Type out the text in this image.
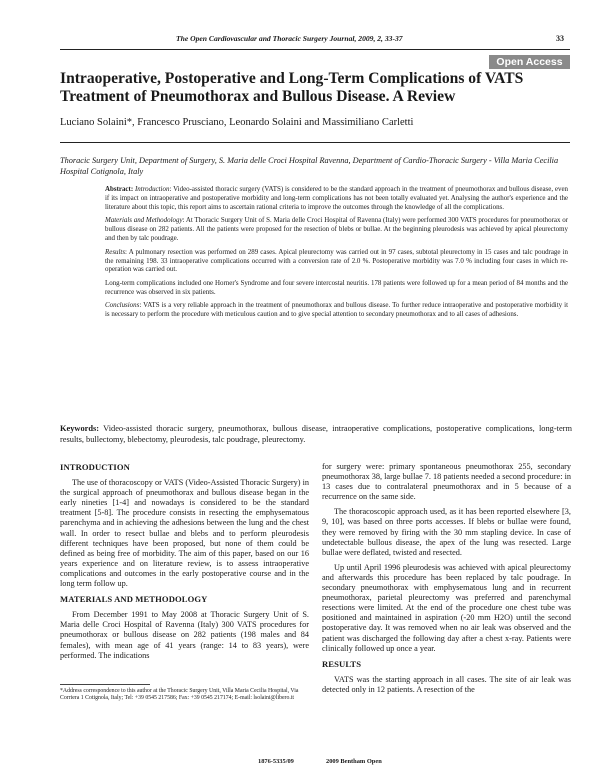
The Open Cardiovascular and Thoracic Surgery Journal, 2009, 2, 33-37	33
Open Access
Intraoperative, Postoperative and Long-Term Complications of VATS Treatment of Pneumothorax and Bullous Disease. A Review
Luciano Solaini*, Francesco Prusciano, Leonardo Solaini and Massimiliano Carletti
Thoracic Surgery Unit, Department of Surgery, S. Maria delle Croci Hospital Ravenna, Department of Cardio-Thoracic Surgery - Villa Maria Cecilia Hospital Cotignola, Italy

Abstract: Introduction: Video-assisted thoracic surgery (VATS) is considered to be the standard approach in the treatment of pneumothorax and bullous disease, even if its impact on intraoperative and postoperative morbidity and long-term complications has not been totally evaluated yet. Analysing the author's experience and the literature about this topic, this report aims to ascertain rational criteria to improve the outcomes through the knowledge of all the complications.

Materials and Methodology: At Thoracic Surgery Unit of S. Maria delle Croci Hospital of Ravenna (Italy) were performed 300 VATS procedures for pneumothorax or bullous disease on 282 patients. All the patients were proposed for the resection of blebs or bullae. At the beginning pleurodesis was achieved by apical pleurectomy and then by talc poudrage.

Results: A pulmonary resection was performed on 289 cases. Apical pleurectomy was carried out in 97 cases, subtotal pleurectomy in 15 cases and talc poudrage in the remaining 198. 33 intraoperative complications occurred with a conversion rate of 2.0 %. Postoperative morbidity was 7.0 % including four cases in which re-operation was carried out.

Long-term complications included one Horner's Syndrome and four severe intercostal neuritis. 178 patients were followed up for a mean period of 84 months and the recurrence was observed in six patients.

Conclusions: VATS is a very reliable approach in the treatment of pneumothorax and bullous disease. To further reduce intraoperative and postoperative morbidity it is necessary to perform the procedure with meticulous caution and to give special attention to secondary pneumothorax and to all cases of adhesions.

Keywords: Video-assisted thoracic surgery, pneumothorax, bullous disease, intraoperative complications, postoperative complications, long-term results, bullectomy, blebectomy, pleurodesis, talc poudrage, pleurectomy.
INTRODUCTION

The use of thoracoscopy or VATS (Video-Assisted Thoracic Surgery) in the surgical approach of pneumothorax and bullous disease began in the early nineties [1-4] and nowadays is considered to be the standard treatment [5-8]. The procedure consists in resecting the emphysematous parenchyma and in achieving the adhesions between the lung and the chest wall. In order to resect bullae and blebs and to perform pleurodesis different techniques have been proposed, but none of them could be defined as being free of morbidity. The aim of this paper, based on our 16 years experience and on literature review, is to assess intraoperative complications and outcomes in the early postoperative course and in the long term follow up.

MATERIALS AND METHODOLOGY

From December 1991 to May 2008 at Thoracic Surgery Unit of S. Maria delle Croci Hospital of Ravenna (Italy) 300 VATS procedures for pneumothorax or bullous disease on 282 patients (198 males and 84 females), with mean age of 41 years (range: 14 to 83 years), were performed. The indications

for surgery were: primary spontaneous pneumothorax 255, secondary pneumothorax 38, large bullae 7. 18 patients needed a second procedure: in 13 cases due to contralateral pneumothorax and in 5 because of a recurrence on the same side.

The thoracoscopic approach used, as it has been reported elsewhere [3, 9, 10], was based on three ports accesses. If blebs or bullae were found, they were removed by firing with the 30 mm stapling device. In case of undetectable bullous disease, the apex of the lung was resected. Large bullae were deflated, twisted and resected.

Up until April 1996 pleurodesis was achieved with apical pleurectomy and afterwards this procedure has been replaced by talc poudrage. In secondary pneumothorax with emphysematous lung and in recurrent pneumothorax, parietal pleurectomy was preferred and parenchymal resections were limited. At the end of the procedure one chest tube was positioned and maintained in aspiration (-20 mm H2O) until the second postoperative day. It was removed when no air leak was observed and the patient was discharged the following day after a chest x-ray. Patients were clinically followed up once a year.

RESULTS

VATS was the starting approach in all cases. The site of air leak was detected only in 12 patients. A resection of the

*Address correspondence to this author at the Thoracic Surgery Unit, Villa Maria Cecilia Hospital, Via Corriera 1 Cotignola, Italy; Tel: +39 0545 217586; Fax: +39 0545 217174; E-mail: lsolaini@libero.it
1876-5335/09	2009 Bentham Open
